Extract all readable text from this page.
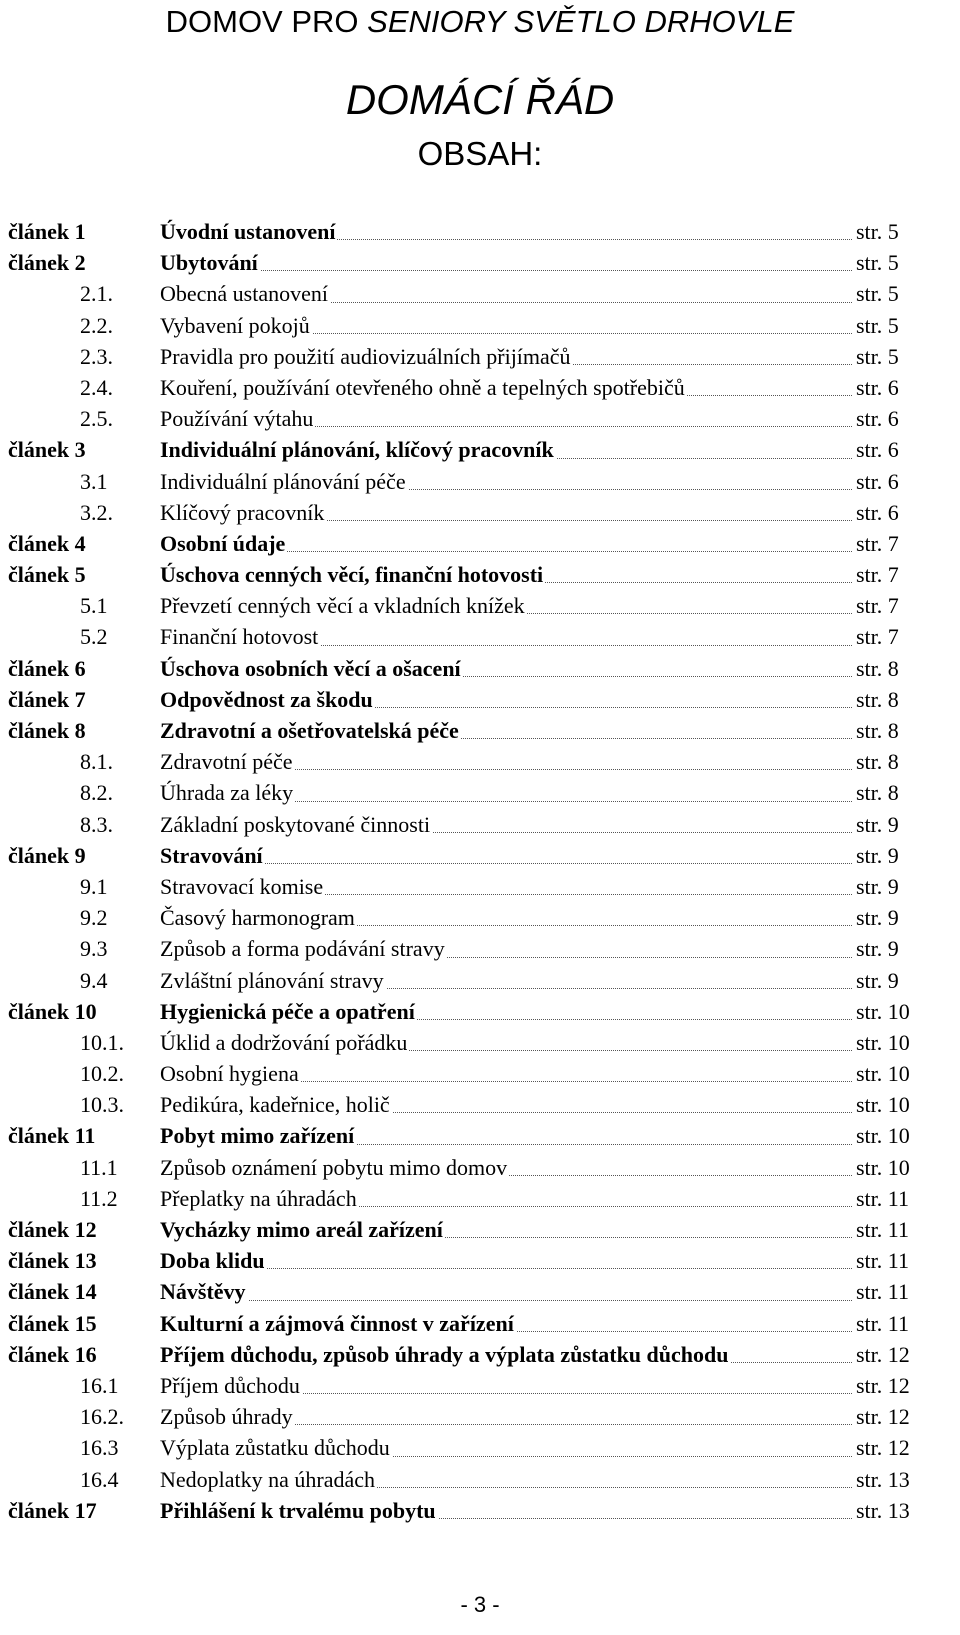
DOMOV PRO SENIORY SVĚTLO DRHOVLE
DOMÁCÍ ŘÁD
OBSAH:
článek 1	Úvodní ustanovení	str. 5
článek 2	Ubytování	str. 5
2.1. Obecná ustanovení	str. 5
2.2. Vybavení pokojů	str. 5
2.3. Pravidla pro použití audiovizuálních přijímačů	str. 5
2.4. Kouření, používání otevřeného ohně a tepelných spotřebičů	str. 6
2.5. Používání výtahu	str. 6
článek 3	Individuální plánování, klíčový pracovník	str. 6
3.1 Individuální plánování péče	str. 6
3.2. Klíčový pracovník	str. 6
článek 4	Osobní údaje	str. 7
článek 5	Úschova cenných věcí, finanční hotovosti	str. 7
5.1 Převzetí cenných věcí a vkladních knížek	str. 7
5.2 Finanční hotovost	str. 7
článek 6	Úschova osobních věcí a ošacení	str. 8
článek 7	Odpovědnost za škodu	str. 8
článek 8	Zdravotní a ošetřovatelská péče	str. 8
8.1. Zdravotní péče	str. 8
8.2. Úhrada za léky	str. 8
8.3. Základní poskytované činnosti	str. 9
článek 9	Stravování	str. 9
9.1 Stravovací komise	str. 9
9.2 Časový harmonogram	str. 9
9.3 Způsob a forma podávání stravy	str. 9
9.4 Zvláštní plánování stravy	str. 9
článek 10	Hygienická péče a opatření	str. 10
10.1. Úklid a dodržování pořádku	str. 10
10.2. Osobní hygiena	str. 10
10.3. Pedikúra, kadeřnice, holič	str. 10
článek 11	Pobyt mimo zařízení	str. 10
11.1 Způsob oznámení pobytu mimo domov	str. 10
11.2 Přeplatky na úhradách	str. 11
článek 12	Vycházky mimo areál zařízení	str. 11
článek 13	Doba klidu	str. 11
článek 14	Návštěvy	str. 11
článek 15	Kulturní a zájmová činnost v zařízení	str. 11
článek 16	Příjem důchodu, způsob úhrady a výplata zůstatku důchodu	str. 12
16.1 Příjem důchodu	str. 12
16.2. Způsob úhrady	str. 12
16.3 Výplata zůstatku důchodu	str. 12
16.4 Nedoplatky na úhradách	str. 13
článek 17	Přihlášení k trvalému pobytu	str. 13
- 3 -
